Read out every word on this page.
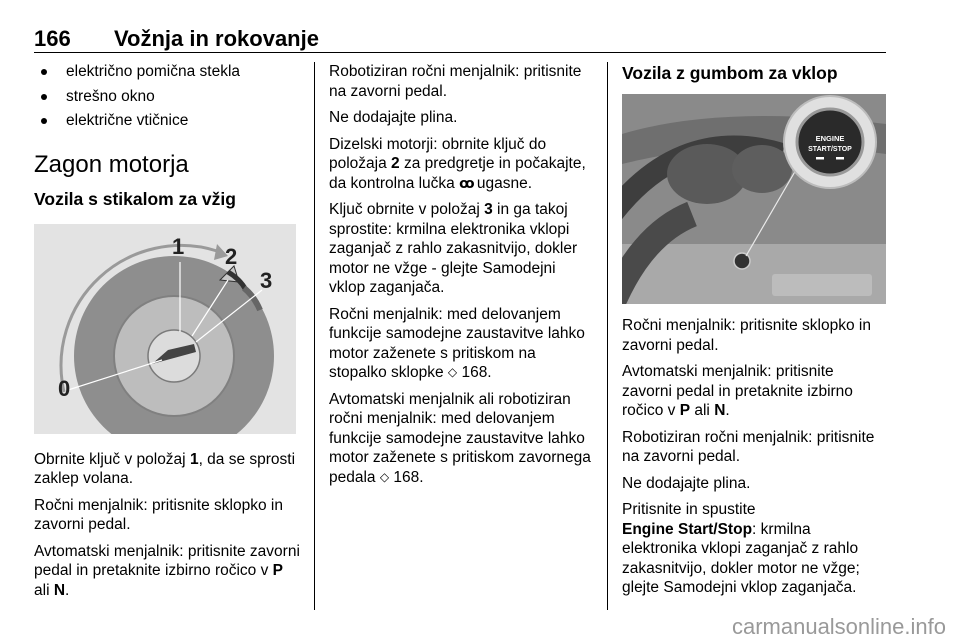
166 Vožnja in rokovanje
električno pomična stekla
strešno okno
električne vtičnice
Zagon motorja
Vozila s stikalom za vžig
0
1 2
3

Obrnite ključ v položaj 1, da se sprosti zaklep volana.

Ročni menjalnik: pritisnite sklopko in zavorni pedal.

Avtomatski menjalnik: pritisnite zavorni pedal in pretaknite izbirno ročico v P ali N.

Robotiziran ročni menjalnik: pritisnite na zavorni pedal.

Ne dodajajte plina.

Dizelski motorji: obrnite ključ do položaja 2 za predgretje in počakajte, da kontrolna lučka ꝏ ugasne.

Ključ obrnite v položaj 3 in ga takoj sprostite: krmilna elektronika vklopi zaganjač z rahlo zakasnitvijo, dokler motor ne vžge - glejte Samodejni vklop zaganjača.

Ročni menjalnik: med delovanjem funkcije samodejne zaustavitve lahko motor zaženete s pritiskom na stopalko sklopke ◇ 168.

Avtomatski menjalnik ali robotiziran ročni menjalnik: med delovanjem funkcije samodejne zaustavitve lahko motor zaženete s pritiskom zavornega pedala ◇ 168.

Vozila z gumbom za vklop
ENGINE
START/STOP

Ročni menjalnik: pritisnite sklopko in zavorni pedal.

Avtomatski menjalnik: pritisnite zavorni pedal in pretaknite izbirno ročico v P ali N.

Robotiziran ročni menjalnik: pritisnite na zavorni pedal.

Ne dodajajte plina.

Pritisnite in spustite
Engine Start/Stop: krmilna elektronika vklopi zaganjač z rahlo zakasnitvijo, dokler motor ne vžge; glejte Samodejni vklop zaganjača.

carmanualsonline.info
